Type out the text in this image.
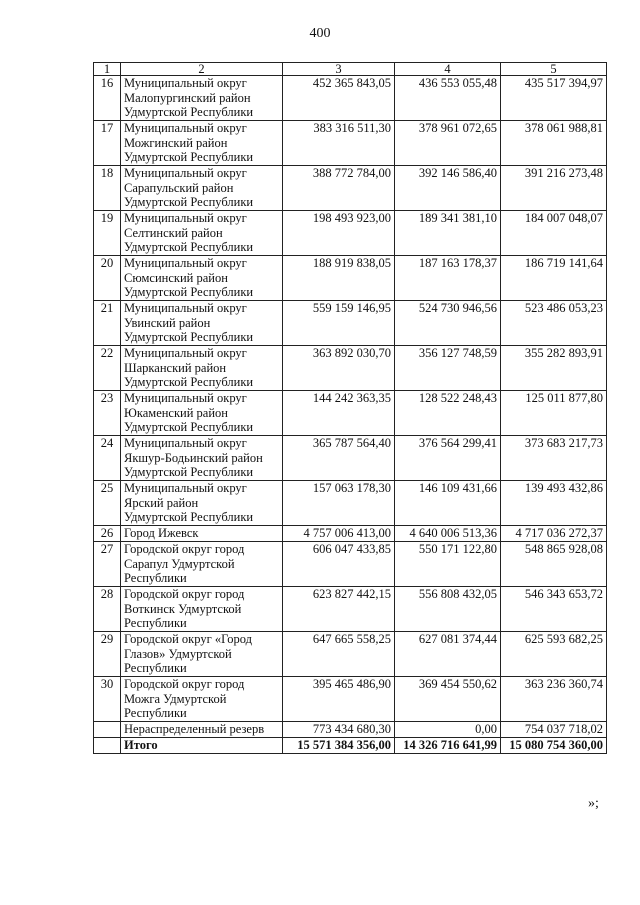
400
1	2	3	4	5
16	Муниципальный округ
Малопургинский район
Удмуртской Республики	452 365 843,05	436 553 055,48	435 517 394,97
17	Муниципальный округ
Можгинский район
Удмуртской Республики	383 316 511,30	378 961 072,65	378 061 988,81
18	Муниципальный округ
Сарапульский район
Удмуртской Республики	388 772 784,00	392 146 586,40	391 216 273,48
19	Муниципальный округ
Селтинский район
Удмуртской Республики	198 493 923,00	189 341 381,10	184 007 048,07
20	Муниципальный округ
Сюмсинский район
Удмуртской Республики	188 919 838,05	187 163 178,37	186 719 141,64
21	Муниципальный округ
Увинский район
Удмуртской Республики	559 159 146,95	524 730 946,56	523 486 053,23
22	Муниципальный округ
Шарканский район
Удмуртской Республики	363 892 030,70	356 127 748,59	355 282 893,91
23	Муниципальный округ
Юкаменский район
Удмуртской Республики	144 242 363,35	128 522 248,43	125 011 877,80
24	Муниципальный округ
Якшур-Бодьинский район
Удмуртской Республики	365 787 564,40	376 564 299,41	373 683 217,73
25	Муниципальный округ
Ярский район
Удмуртской Республики	157 063 178,30	146 109 431,66	139 493 432,86
26	Город Ижевск	4 757 006 413,00	4 640 006 513,36	4 717 036 272,37
27	Городской округ город
Сарапул Удмуртской
Республики	606 047 433,85	550 171 122,80	548 865 928,08
28	Городской округ город
Воткинск Удмуртской
Республики	623 827 442,15	556 808 432,05	546 343 653,72
29	Городской округ «Город
Глазов» Удмуртской
Республики	647 665 558,25	627 081 374,44	625 593 682,25
30	Городской округ город
Можга Удмуртской
Республики	395 465 486,90	369 454 550,62	363 236 360,74

	Нераспределенный резерв	773 434 680,30	0,00	754 037 718,02
	Итого	15 571 384 356,00	14 326 716 641,99	15 080 754 360,00
»;
